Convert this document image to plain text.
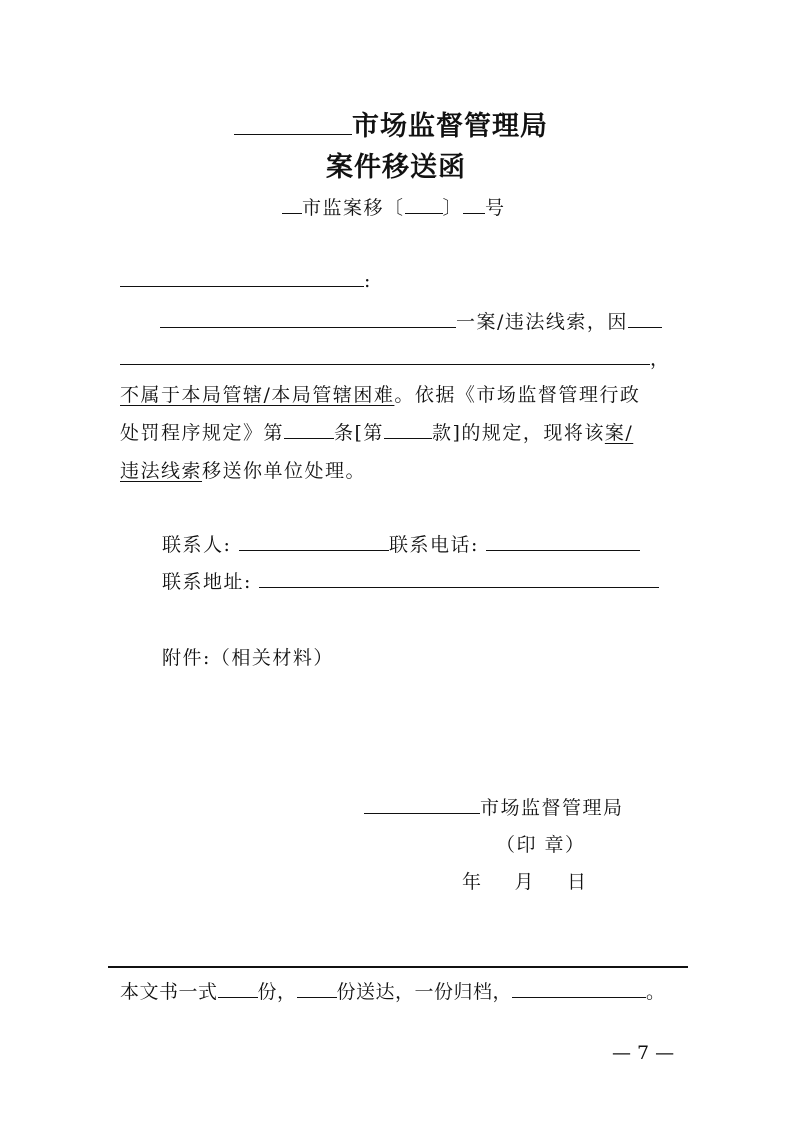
市场监督管理局
案件移送函
市监案移〔 〕 号
:
一案/违法线索，因
，
不属于本局管辖/本局管辖困难。依据《市场监督管理行政
处罚程序规定》第	条[第	款]的规定，现将该案/
违法线索移送你单位处理。
联系人:	联系电话:
联系地址:
附件:（相关材料）
市场监督管理局
（印 章）
年 月 日
本文书一式 份， 份送达，一份归档，	。
— 7 —
